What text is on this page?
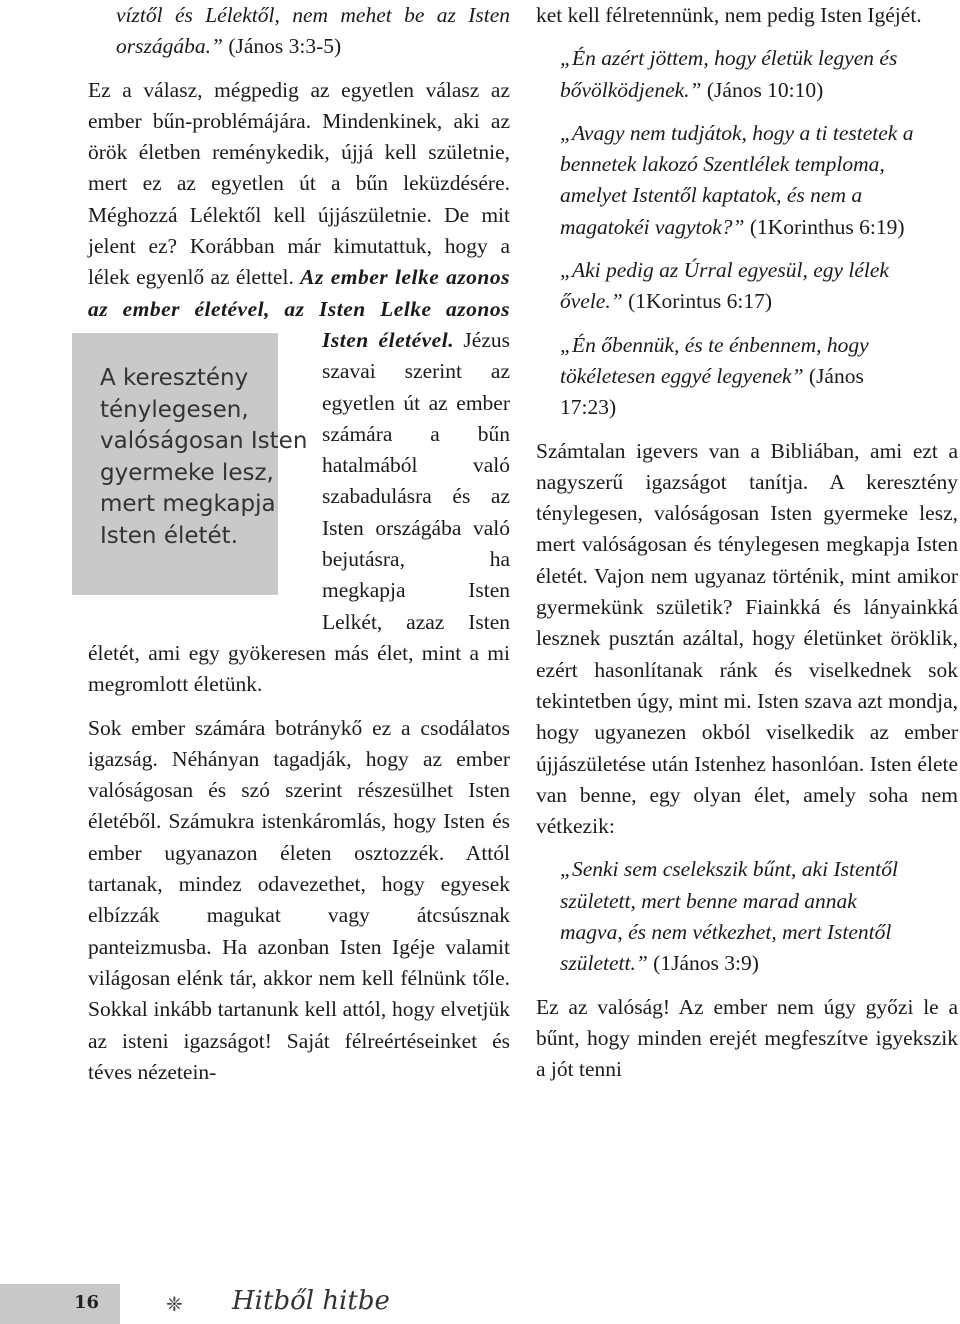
víztől és Lélektől, nem mehet be az Isten országába.” (János 3:3-5)

Ez a válasz, mégpedig az egyetlen válasz az ember bűn-problémájára. Mindenkinek, aki az örök életben reménykedik, újjá kell születnie, mert ez az egyetlen út a bűn leküzdésére. Méghozzá Lélektől kell újjászületnie. De mit jelent ez? Korábban már kimutattuk, hogy a lélek egyenlő az élettel. Az ember lelke azonos az ember életével, az Isten Lelke azonos Isten életével.
A keresztény ténylegesen, valóságosan Isten gyermeke lesz, mert megkapja Isten életét.
Jézus szavai szerint az egyetlen út az ember számára a bűn hatalmából való szabadulásra és az Isten országába való bejutásra, ha megkapja Isten Lelkét, azaz Isten életét, ami egy gyökeresen más élet, mint a mi megromlott életünk.

Sok ember számára botránykő ez a csodálatos igazság. Néhányan tagadják, hogy az ember valóságosan és szó szerint részesülhet Isten életéből. Számukra istenkáromlás, hogy Isten és ember ugyanazon életen osztozzék. Attól tartanak, mindez odavezethet, hogy egyesek elbízzák magukat vagy átcsúsznak panteizmusba. Ha azonban Isten Igéje valamit világosan elénk tár, akkor nem kell félnünk tőle. Sokkal inkább tartanunk kell attól, hogy elvetjük az isteni igazságot! Saját félreértéseinket és téves nézetein-

ket kell félretennünk, nem pedig Isten Igéjét.

„Én azért jöttem, hogy életük legyen és bővölködjenek.” (János 10:10)

„Avagy nem tudjátok, hogy a ti testetek a bennetek lakozó Szentlélek temploma, amelyet Istentől kaptatok, és nem a magatokéi vagytok?” (1Korinthus 6:19)

„Aki pedig az Úrral egyesül, egy lélek ővele.” (1Korintus 6:17)

„Én őbennük, és te énbennem, hogy tökéletesen eggyé legyenek” (János 17:23)

Számtalan igevers van a Bibliában, ami ezt a nagyszerű igazságot tanítja. A keresztény ténylegesen, valóságosan Isten gyermeke lesz, mert valóságosan és ténylegesen megkapja Isten életét. Vajon nem ugyanaz történik, mint amikor gyermekünk születik? Fiainkká és lányainkká lesznek pusztán azáltal, hogy életünket öröklik, ezért hasonlítanak ránk és viselkednek sok tekintetben úgy, mint mi. Isten szava azt mondja, hogy ugyanezen okból viselkedik az ember újjászületése után Istenhez hasonlóan. Isten élete van benne, egy olyan élet, amely soha nem vétkezik:

„Senki sem cselekszik bűnt, aki Istentől született, mert benne marad annak magva, és nem vétkezhet, mert Istentől született.” (1János 3:9)

Ez az valóság! Az ember nem úgy győzi le a bűnt, hogy minden erejét megfeszítve igyekszik a jót tenni

16	❈ Hitből hitbe
